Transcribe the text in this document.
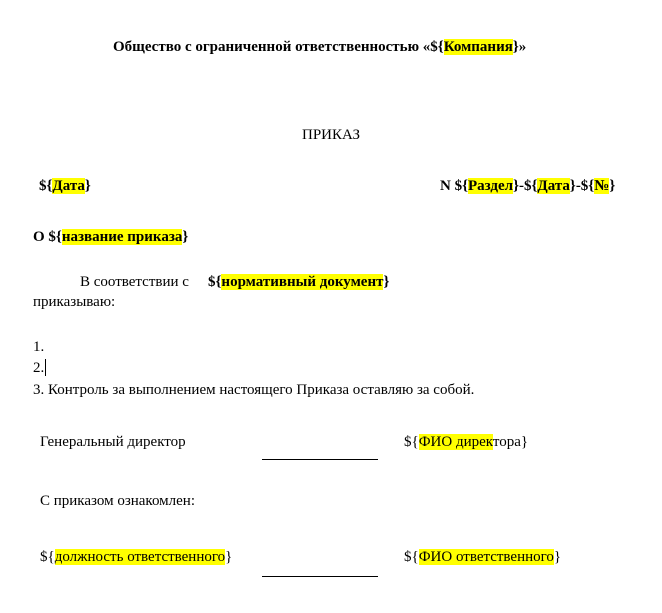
Общество с ограниченной ответственностью «${Компания}»
ПРИКАЗ
${Дата}	N ${Раздел}-${Дата}-${№}
О ${название приказа}
В соответствии с ${нормативный документ}
приказываю:
1.
2.
3. Контроль за выполнением настоящего Приказа оставляю за собой.
Генеральный директор	${ФИО директора}
С приказом ознакомлен:
${должность ответственного}	${ФИО ответственного}
